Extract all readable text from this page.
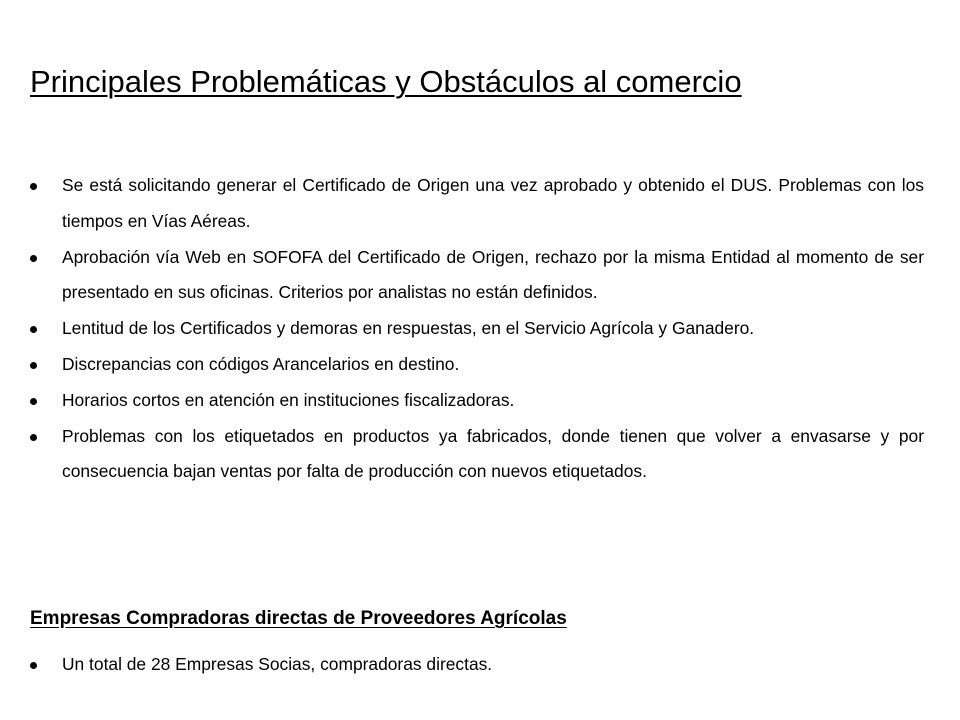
Principales Problemáticas y Obstáculos al comercio
Se está solicitando generar el Certificado de Origen una vez aprobado y obtenido el DUS. Problemas con los tiempos en Vías Aéreas.
Aprobación vía Web en SOFOFA del Certificado de Origen, rechazo por la misma Entidad al momento de ser presentado en sus oficinas. Criterios por analistas no están definidos.
Lentitud de los Certificados y demoras en respuestas, en el Servicio Agrícola y Ganadero.
Discrepancias con códigos Arancelarios en destino.
Horarios cortos en atención en instituciones fiscalizadoras.
Problemas con los etiquetados en productos ya fabricados, donde tienen que volver a envasarse y por consecuencia bajan ventas por falta de producción con nuevos etiquetados.
Empresas Compradoras directas de Proveedores Agrícolas
Un total de 28 Empresas Socias, compradoras directas.
